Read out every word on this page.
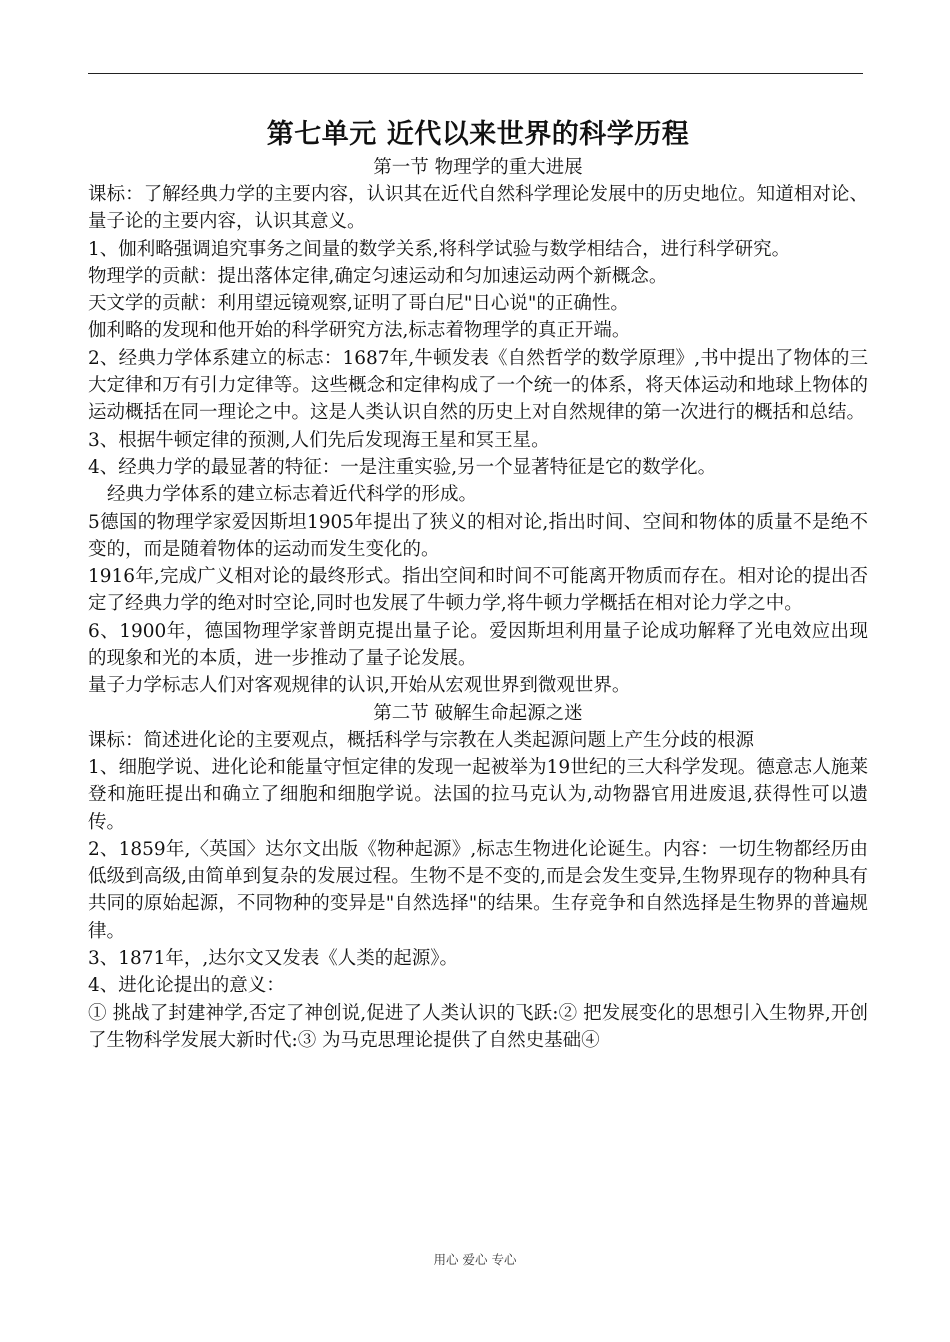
第七单元 近代以来世界的科学历程
第一节 物理学的重大进展

课标：了解经典力学的主要内容，认识其在近代自然科学理论发展中的历史地位。知道相对论、量子论的主要内容，认识其意义。

1、伽利略强调追究事务之间量的数学关系,将科学试验与数学相结合，进行科学研究。

物理学的贡献：提出落体定律,确定匀速运动和匀加速运动两个新概念。

天文学的贡献：利用望远镜观察,证明了哥白尼"日心说"的正确性。

伽利略的发现和他开始的科学研究方法,标志着物理学的真正开端。

2、经典力学体系建立的标志：1687年,牛顿发表《自然哲学的数学原理》,书中提出了物体的三大定律和万有引力定律等。这些概念和定律构成了一个统一的体系，将天体运动和地球上物体的运动概括在同一理论之中。这是人类认识自然的历史上对自然规律的第一次进行的概括和总结。

3、根据牛顿定律的预测,人们先后发现海王星和冥王星。

4、经典力学的最显著的特征：一是注重实验,另一个显著特征是它的数学化。

经典力学体系的建立标志着近代科学的形成。

5德国的物理学家爱因斯坦1905年提出了狭义的相对论,指出时间、空间和物体的质量不是绝不变的，而是随着物体的运动而发生变化的。

1916年,完成广义相对论的最终形式。指出空间和时间不可能离开物质而存在。相对论的提出否定了经典力学的绝对时空论,同时也发展了牛顿力学,将牛顿力学概括在相对论力学之中。

6、1900年，德国物理学家普朗克提出量子论。爱因斯坦利用量子论成功解释了光电效应出现的现象和光的本质，进一步推动了量子论发展。

量子力学标志人们对客观规律的认识,开始从宏观世界到微观世界。

第二节 破解生命起源之迷

课标：简述进化论的主要观点，概括科学与宗教在人类起源问题上产生分歧的根源

1、细胞学说、进化论和能量守恒定律的发现一起被举为19世纪的三大科学发现。德意志人施莱登和施旺提出和确立了细胞和细胞学说。法国的拉马克认为,动物器官用进废退,获得性可以遗传。

2、1859年,〈英国〉达尔文出版《物种起源》,标志生物进化论诞生。内容：一切生物都经历由低级到高级,由简单到复杂的发展过程。生物不是不变的,而是会发生变异,生物界现存的物种具有共同的原始起源，不同物种的变异是"自然选择"的结果。生存竞争和自然选择是生物界的普遍规律。

3、1871年，,达尔文又发表《人类的起源》。

4、进化论提出的意义：

① 挑战了封建神学,否定了神创说,促进了人类认识的飞跃:② 把发展变化的思想引入生物界,开创了生物科学发展大新时代:③ 为马克思理论提供了自然史基础④

用心 爱心 专心
